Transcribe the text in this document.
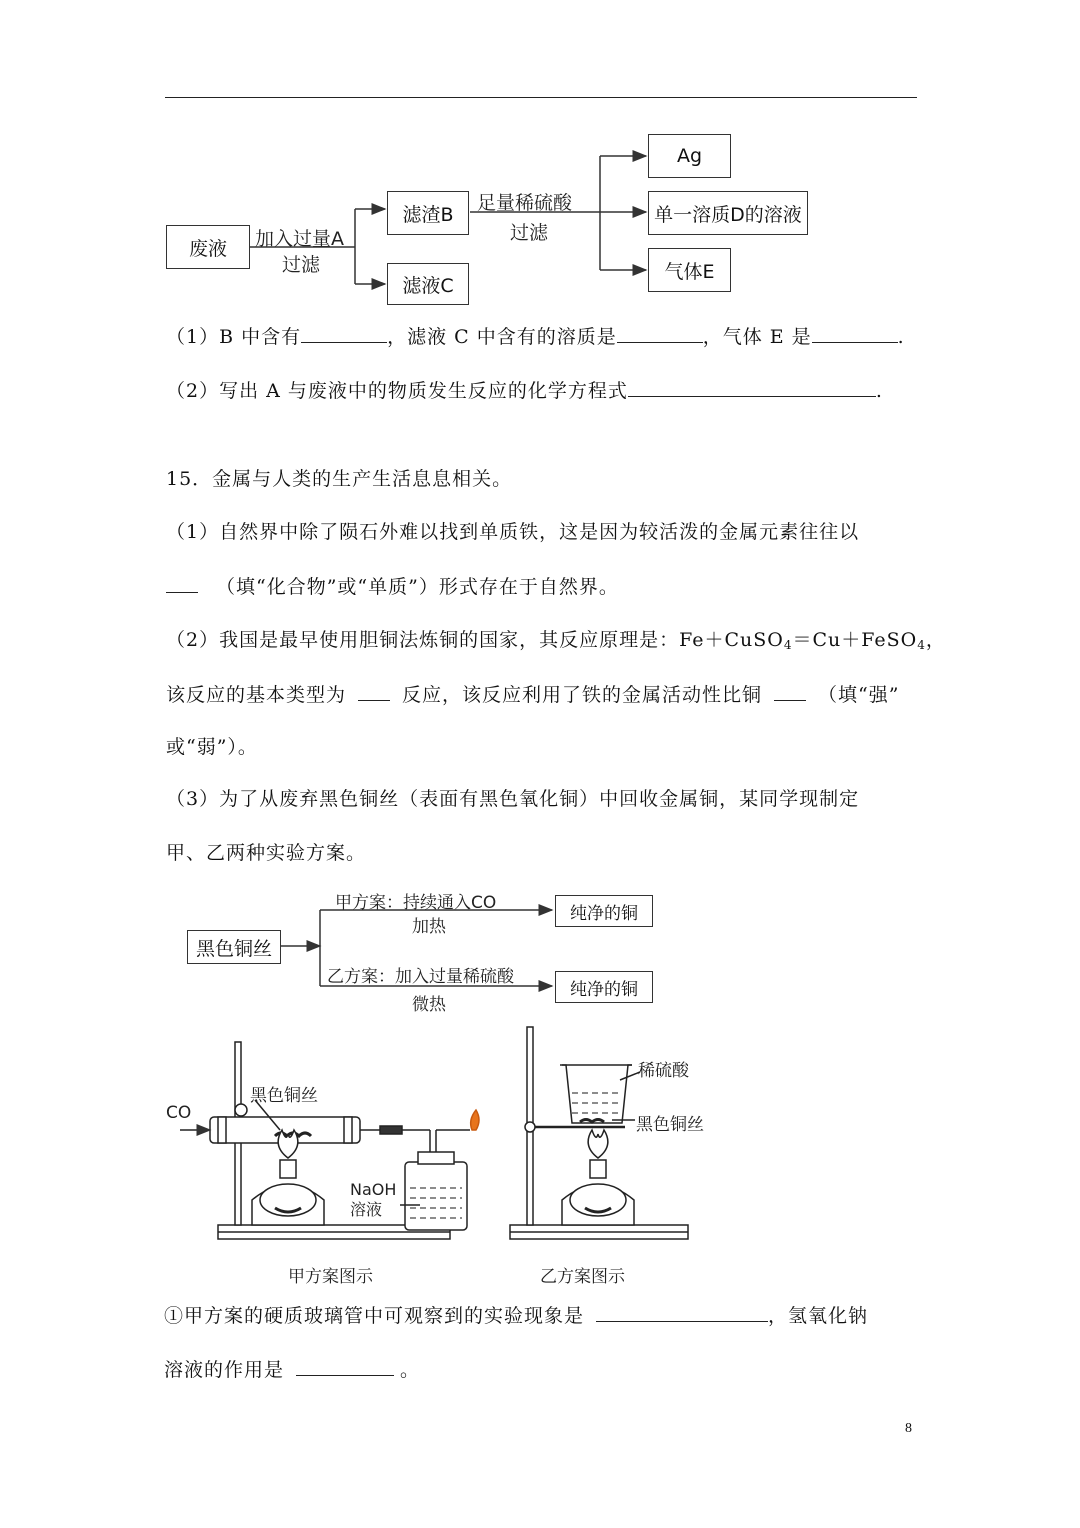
废液	加入过量A
过滤
滤渣B
滤液C
足量稀硫酸
过滤
Ag
单一溶质D的溶液
气体E
（1）B 中含有	，滤液 C 中含有的溶质是	，气体 E 是	.
（2）写出 A 与废液中的物质发生反应的化学方程式	.
15．金属与人类的生产生活息息相关。
（1）自然界中除了陨石外难以找到单质铁，这是因为较活泼的金属元素往往以
（填“化合物”或“单质”）形式存在于自然界。
（2）我国是最早使用胆铜法炼铜的国家，其反应原理是：Fe＋CuSO$_4$＝Cu＋FeSO$_4$，
该反应的基本类型为	反应，该反应利用了铁的金属活动性比铜	（填“强”
或“弱”）。
（3）为了从废弃黑色铜丝（表面有黑色氧化铜）中回收金属铜，某同学现制定
甲、乙两种实验方案。
黑色铜丝
甲方案：持续通入CO
加热
纯净的铜
乙方案：加入过量稀硫酸
微热
纯净的铜
CO
黑色铜丝
NaOH
溶液
稀硫酸
黑色铜丝
甲方案图示	乙方案图示
①甲方案的硬质玻璃管中可观察到的实验现象是	，氢氧化钠
溶液的作用是	。
8
